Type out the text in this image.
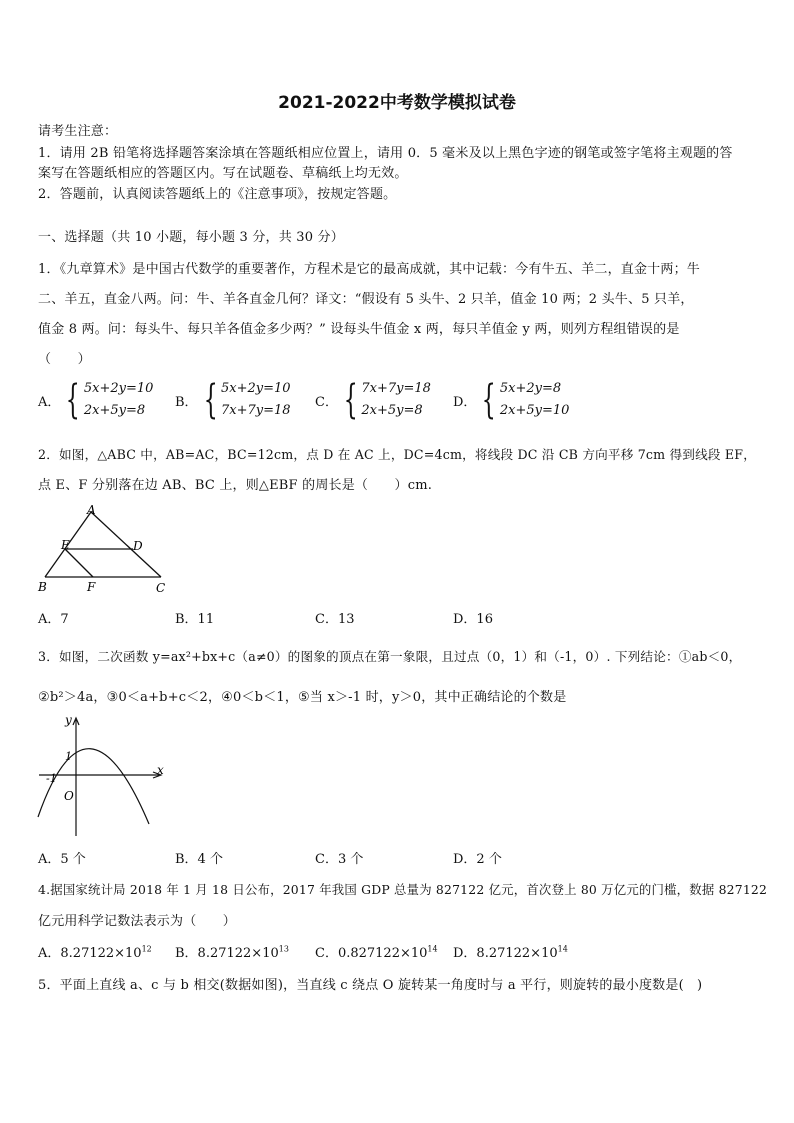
2021-2022中考数学模拟试卷
请考生注意：
1．请用 2B 铅笔将选择题答案涂填在答题纸相应位置上，请用 0．5 毫米及以上黑色字迹的钢笔或签字笔将主观题的答
案写在答题纸相应的答题区内。写在试题卷、草稿纸上均无效。
2．答题前，认真阅读答题纸上的《注意事项》，按规定答题。
一、选择题（共 10 小题，每小题 3 分，共 30 分）
1．《九章算术》是中国古代数学的重要著作，方程术是它的最高成就，其中记载：今有牛五、羊二，直金十两；牛
二、羊五，直金八两。问：牛、羊各直金几何？译文：“假设有 5 头牛、2 只羊，值金 10 两；2 头牛、5 只羊，
值金 8 两。问：每头牛、每只羊各值金多少两？” 设每头牛值金 x 两，每只羊值金 y 两，则列方程组错误的是
（　　）
A． { 5x+2y=10
2x+5y=8
B． { 5x+2y=10
7x+7y=18
C． { 7x+7y=18
2x+5y=8
D． { 5x+2y=8
2x+5y=10
2．如图，△ABC 中，AB=AC，BC=12cm，点 D 在 AC 上，DC=4cm，将线段 DC 沿 CB 方向平移 7cm 得到线段 EF，
点 E、F 分别落在边 AB、BC 上，则△EBF 的周长是（　　）cm.
A
E	D
B	F	C
A．7	B．11	C．13	D．16
3．如图，二次函数 y=ax²+bx+c（a≠0）的图象的顶点在第一象限，且过点（0，1）和（-1，0）. 下列结论：①ab＜0，
②b²＞4a，③0＜a+b+c＜2，④0＜b＜1，⑤当 x＞-1 时，y＞0，其中正确结论的个数是
y
x
1
-1
O
A．5 个	B．4 个	C．3 个	D．2 个
4.据国家统计局 2018 年 1 月 18 日公布，2017 年我国 GDP 总量为 827122 亿元，首次登上 80 万亿元的门槛，数据 827122
亿元用科学记数法表示为（　　）
A．$8.27122\times 10^{12}$ B．$8.27122\times 10^{13}$ C．$0.827122\times 10^{14}$ D．$8.27122\times 10^{14}$
5．平面上直线 a、c 与 b 相交(数据如图)，当直线 c 绕点 O 旋转某一角度时与 a 平行，则旋转的最小度数是(　)
